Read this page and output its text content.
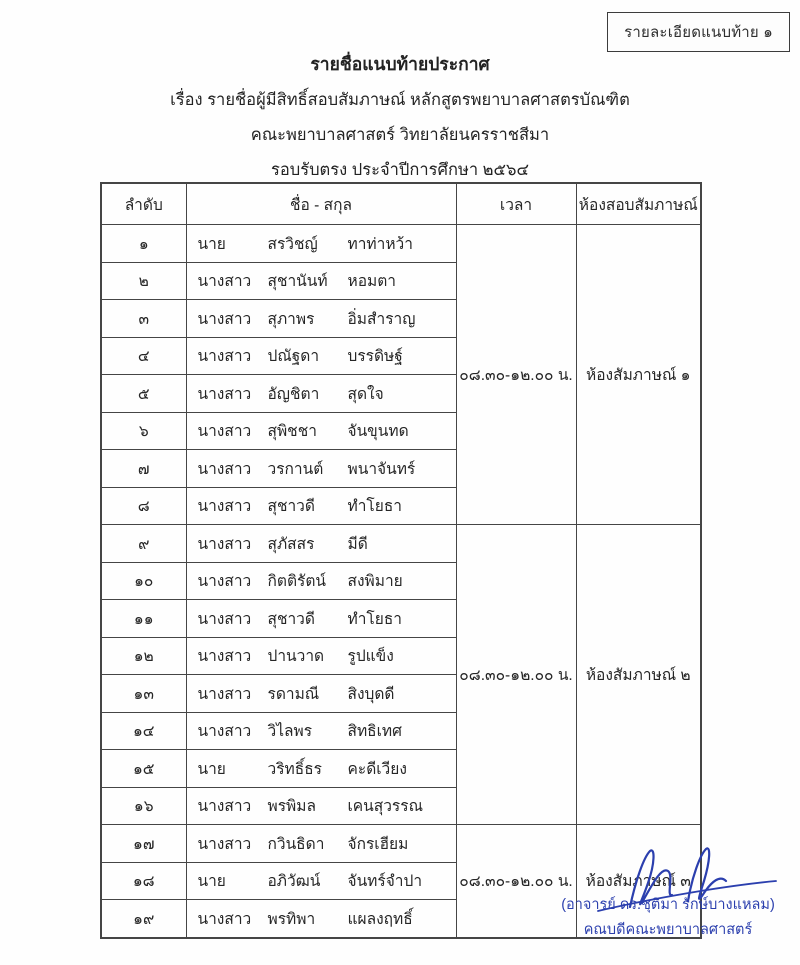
รายละเอียดแนบท้าย ๑

รายชื่อแนบท้ายประกาศ

เรื่อง รายชื่อผู้มีสิทธิ์สอบสัมภาษณ์ หลักสูตรพยาบาลศาสตรบัณฑิต

คณะพยาบาลศาสตร์ วิทยาลัยนครราชสีมา

รอบรับตรง ประจำปีการศึกษา ๒๕๖๔

ลำดับ	ชื่อ - สกุล	เวลา	ห้องสอบสัมภาษณ์
๑	นาย สรวิชญ์ ทาท่าหว้า	๐๘.๓๐-๑๒.๐๐ น.	ห้องสัมภาษณ์ ๑
๒	นางสาว สุชานันท์ หอมตา		
๓	นางสาว สุภาพร อิ่มสำราญ		
๔	นางสาว ปณัฐดา บรรดิษฐ์		
๕	นางสาว อัญชิตา สุดใจ		
๖	นางสาว สุพิชชา จันขุนทด		
๗	นางสาว วรกานต์ พนาจันทร์		
๘	นางสาว สุชาวดี ทำโยธา		
๙	นางสาว สุภัสสร มีดี	๐๘.๓๐-๑๒.๐๐ น.	ห้องสัมภาษณ์ ๒
๑๐	นางสาว กิตติรัตน์ สงพิมาย		
๑๑	นางสาว สุชาวดี ทำโยธา		
๑๒	นางสาว ปานวาด รูปแข็ง		
๑๓	นางสาว รดามณี สิงบุดดี		
๑๔	นางสาว วิไลพร สิทธิเทศ		
๑๕	นาย วริทธิ์ธร คะดีเวียง		
๑๖	นางสาว พรพิมล เคนสุวรรณ		
๑๗	นางสาว กวินธิดา จักรเฮียม	๐๘.๓๐-๑๒.๐๐ น.	ห้องสัมภาษณ์ ๓
๑๘	นาย อภิวัฒน์ จันทร์จำปา		
๑๙	นางสาว พรทิพา แผลงฤทธิ์		
(อาจารย์ ดร.ชุติมา รักษ์บางแหลม)
คณบดีคณะพยาบาลศาสตร์
